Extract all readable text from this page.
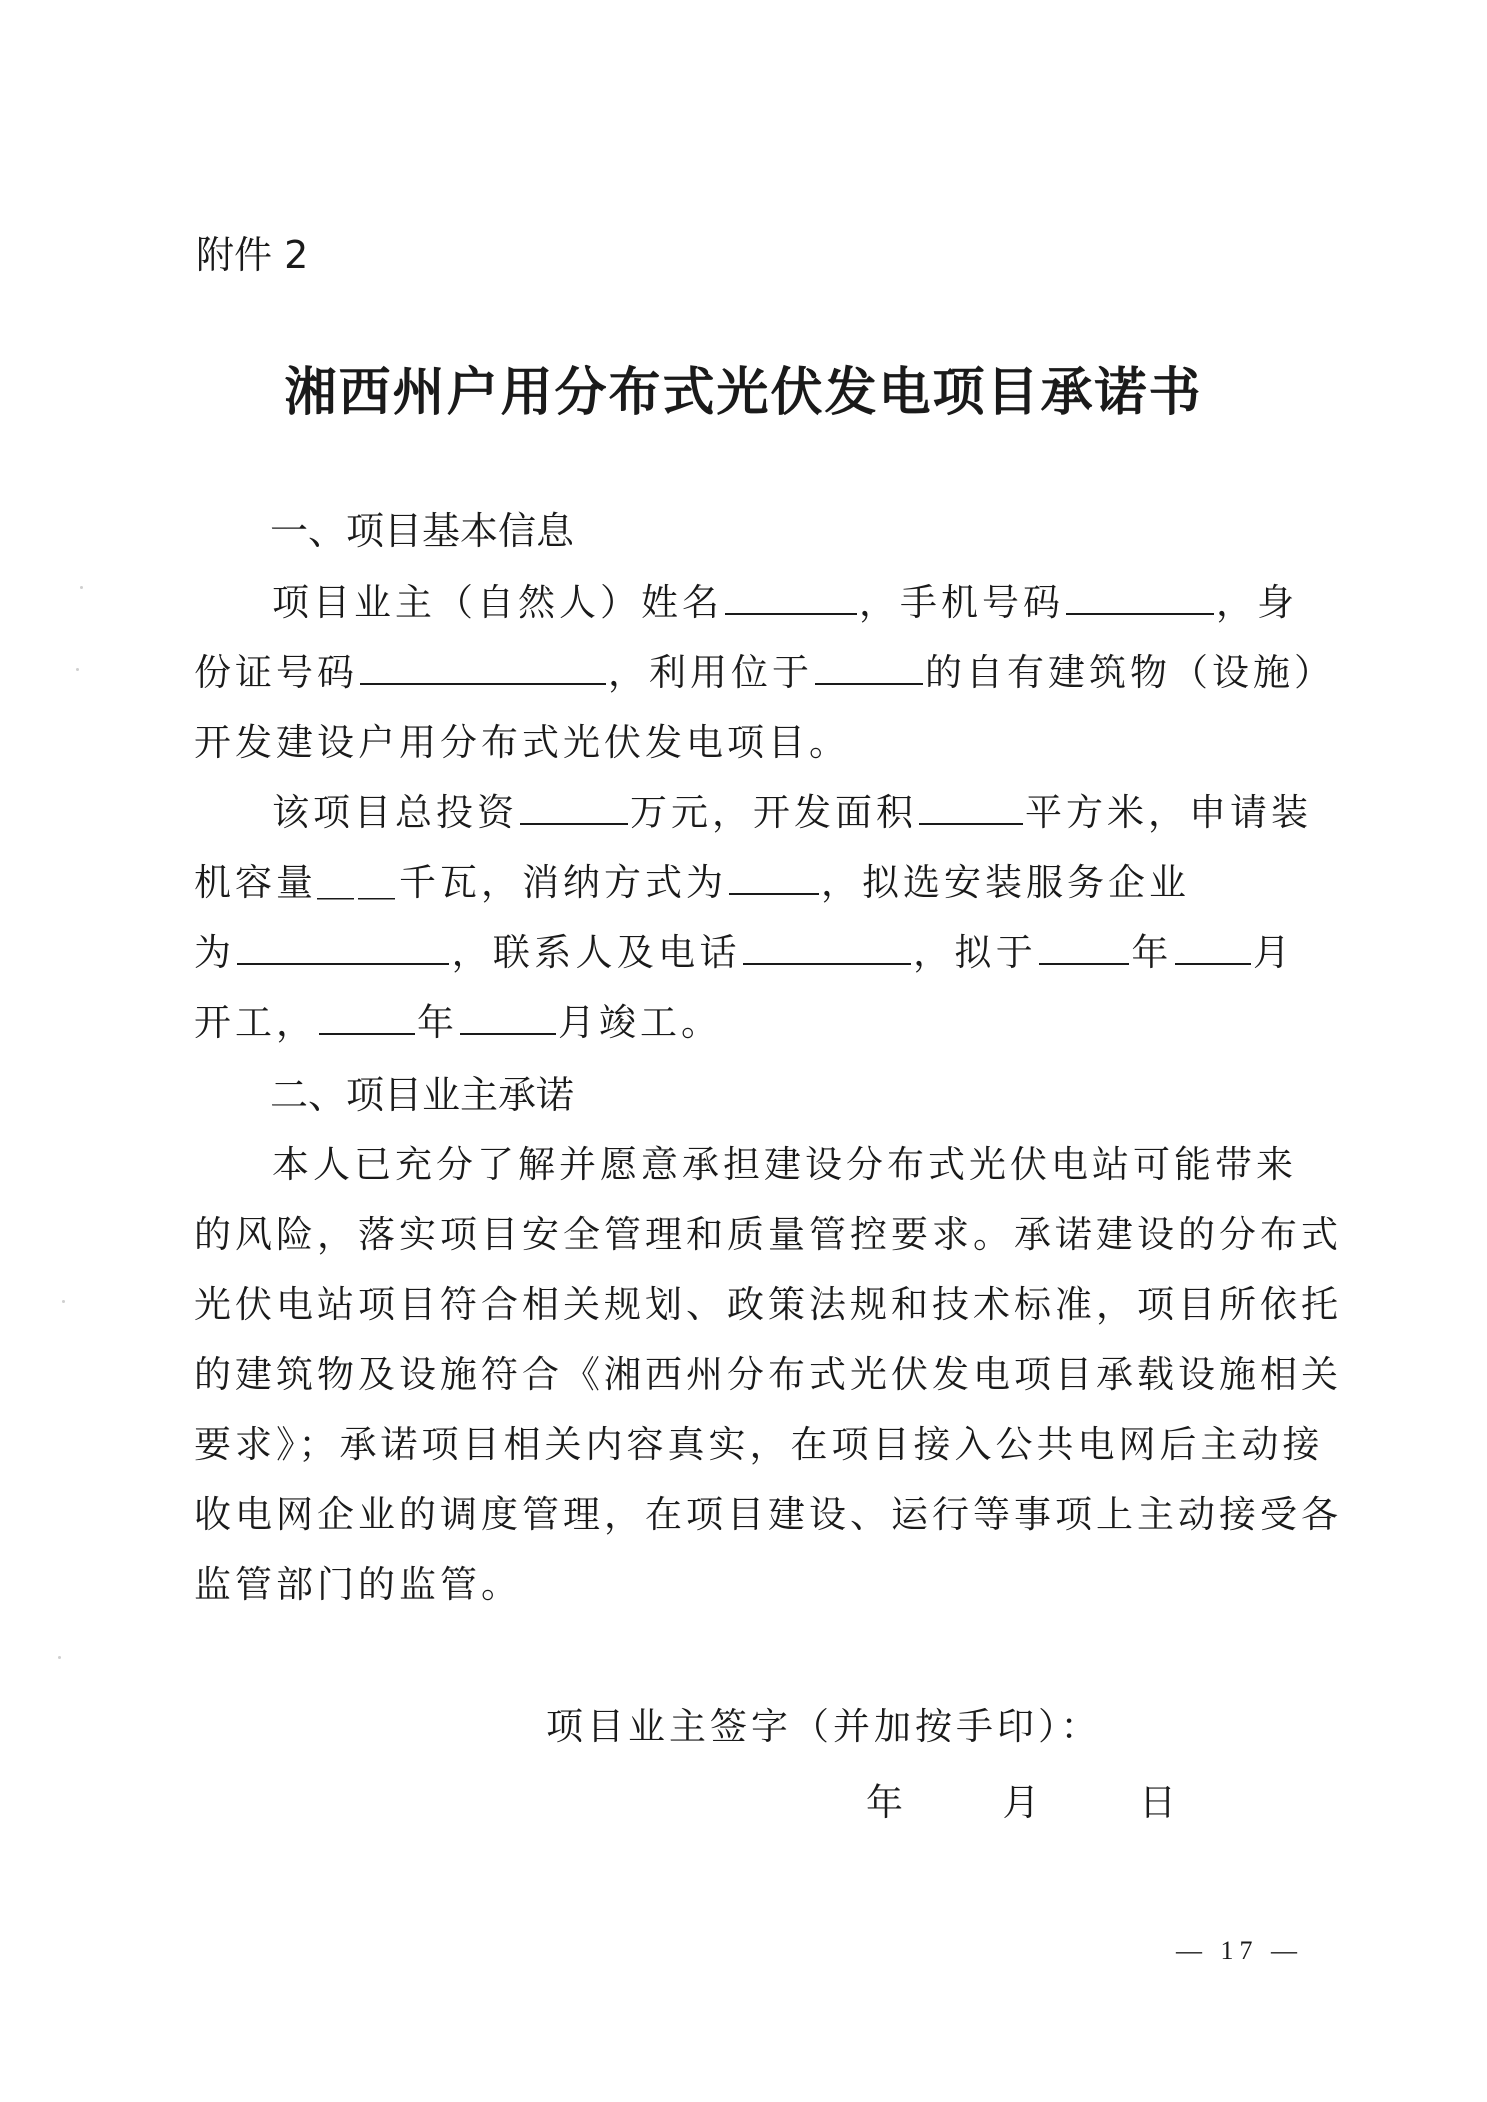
附件 2
湘西州户用分布式光伏发电项目承诺书
一、项目基本信息
项目业主（自然人）姓名	，手机号码	，身
份证号码	，利用位于	的自有建筑物（设施）
开发建设户用分布式光伏发电项目。
该项目总投资	万元，开发面积	平方米，申请装
机容量＿＿千瓦，消纳方式为	，拟选安装服务企业
为	，联系人及电话	，拟于	年 月
开工，	年	月竣工。
二、项目业主承诺
本人已充分了解并愿意承担建设分布式光伏电站可能带来
的风险，落实项目安全管理和质量管控要求。承诺建设的分布式
光伏电站项目符合相关规划、政策法规和技术标准，项目所依托
的建筑物及设施符合《湘西州分布式光伏发电项目承载设施相关
要求》；承诺项目相关内容真实，在项目接入公共电网后主动接
收电网企业的调度管理，在项目建设、运行等事项上主动接受各
监管部门的监管。
项目业主签字（并加按手印）：
年	月	日
— 17 —
